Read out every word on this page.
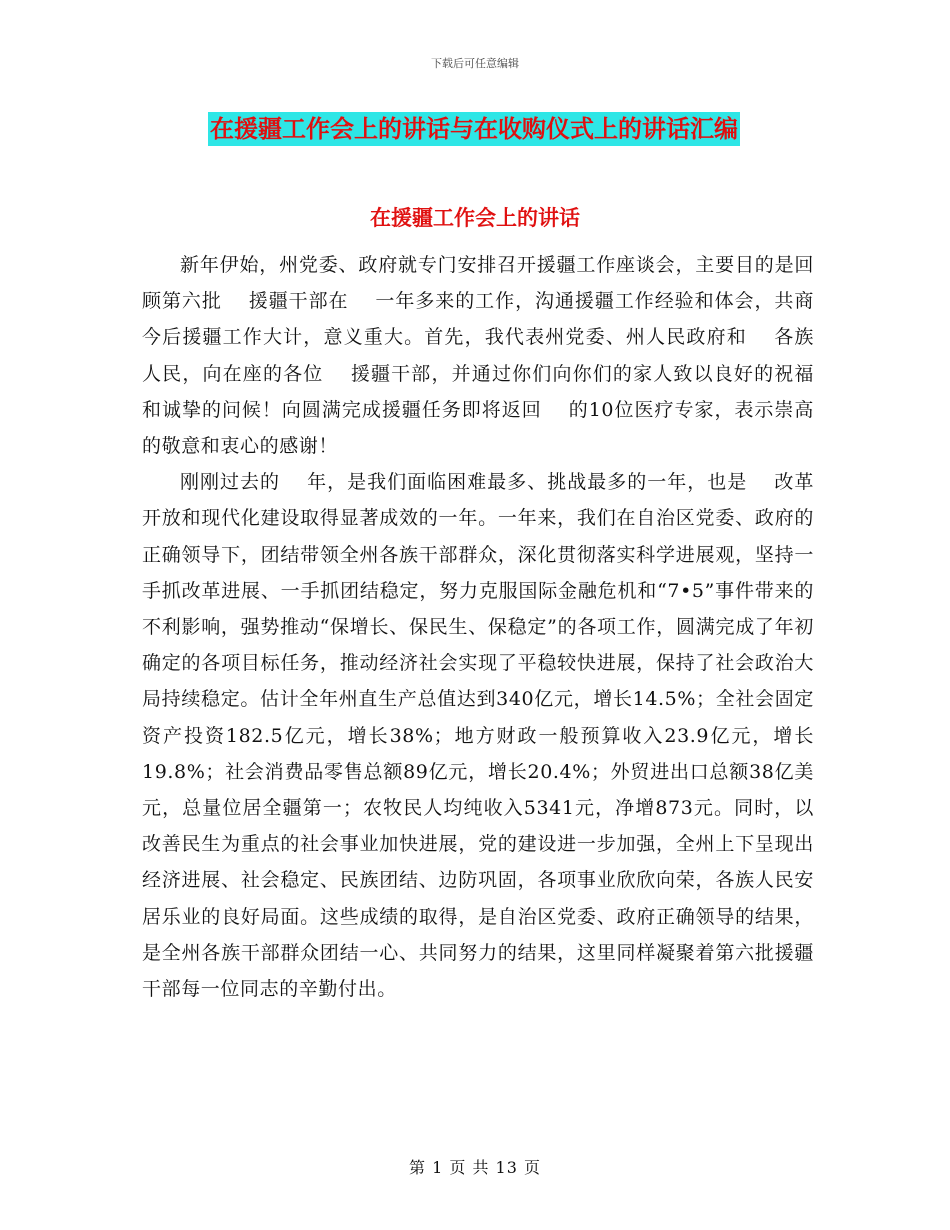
下载后可任意编辑
在援疆工作会上的讲话与在收购仪式上的讲话汇编
在援疆工作会上的讲话

新年伊始，州党委、政府就专门安排召开援疆工作座谈会，主要目的是回顾第六批　 援疆干部在　 一年多来的工作，沟通援疆工作经验和体会，共商今后援疆工作大计，意义重大。首先，我代表州党委、州人民政府和　 各族人民，向在座的各位　 援疆干部，并通过你们向你们的家人致以良好的祝福和诚挚的问候！向圆满完成援疆任务即将返回　 的10位医疗专家，表示崇高的敬意和衷心的感谢！

刚刚过去的　 年，是我们面临困难最多、挑战最多的一年，也是　 改革开放和现代化建设取得显著成效的一年。一年来，我们在自治区党委、政府的正确领导下，团结带领全州各族干部群众，深化贯彻落实科学进展观，坚持一手抓改革进展、一手抓团结稳定，努力克服国际金融危机和“7•5”事件带来的不利影响，强势推动“保增长、保民生、保稳定”的各项工作，圆满完成了年初确定的各项目标任务，推动经济社会实现了平稳较快进展，保持了社会政治大局持续稳定。估计全年州直生产总值达到340亿元，增长14.5%；全社会固定资产投资182.5亿元，增长38%；地方财政一般预算收入23.9亿元，增长19.8%；社会消费品零售总额89亿元，增长20.4%；外贸进出口总额38亿美元，总量位居全疆第一；农牧民人均纯收入5341元，净增873元。同时，以改善民生为重点的社会事业加快进展，党的建设进一步加强，全州上下呈现出经济进展、社会稳定、民族团结、边防巩固，各项事业欣欣向荣，各族人民安居乐业的良好局面。这些成绩的取得，是自治区党委、政府正确领导的结果，是全州各族干部群众团结一心、共同努力的结果，这里同样凝聚着第六批援疆干部每一位同志的辛勤付出。

第 1 页 共 13 页
